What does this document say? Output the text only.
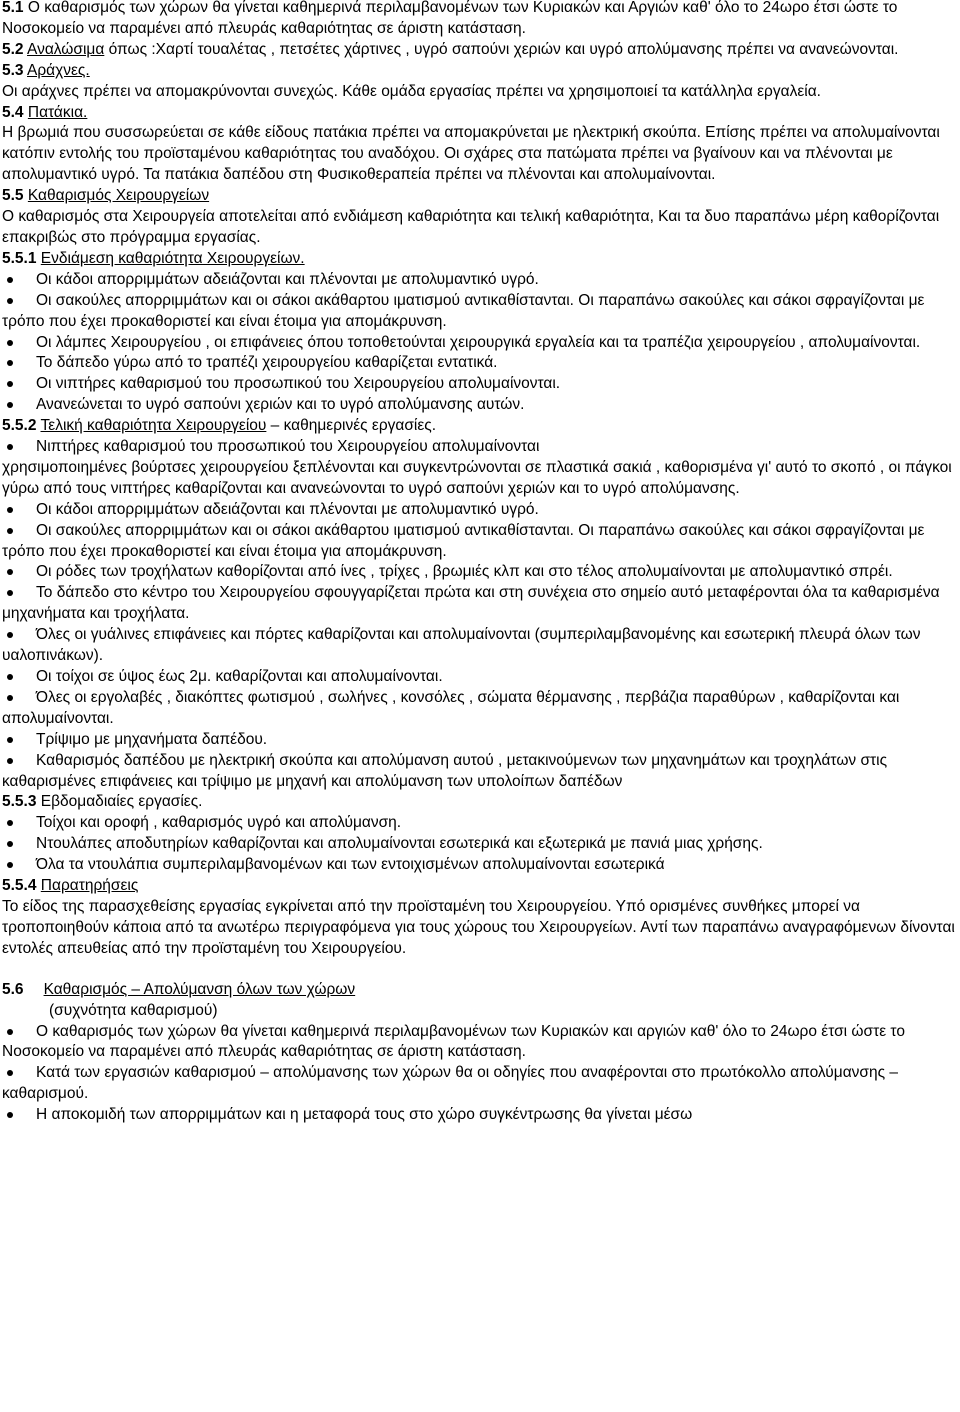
5.1 Ο καθαρισμός των χώρων θα γίνεται καθημερινά περιλαμβανομένων των Κυριακών και Αργιών καθ' όλο το 24ωρο έτσι ώστε το Νοσοκομείο να παραμένει από πλευράς καθαριότητας σε άριστη κατάσταση.
5.2 Αναλώσιμα όπως :Χαρτί τουαλέτας , πετσέτες χάρτινες , υγρό σαπούνι χεριών και υγρό απολύμανσης πρέπει να ανανεώνονται.
5.3 Αράχνες.
Οι αράχνες πρέπει να απομακρύνονται συνεχώς. Κάθε ομάδα εργασίας πρέπει να χρησιμοποιεί τα κατάλληλα εργαλεία.
5.4 Πατάκια.
Η βρωμιά που συσσωρεύεται σε κάθε είδους πατάκια πρέπει να απομακρύνεται με ηλεκτρική σκούπα. Επίσης πρέπει να απολυμαίνονται κατόπιν εντολής του προϊσταμένου καθαριότητας του αναδόχου. Οι σχάρες στα πατώματα πρέπει να βγαίνουν και να πλένονται με απολυμαντικό υγρό. Τα πατάκια δαπέδου στη Φυσικοθεραπεία πρέπει να πλένονται και απολυμαίνονται.
5.5 Καθαρισμός Χειρουργείων
Ο καθαρισμός στα Χειρουργεία αποτελείται από ενδιάμεση καθαριότητα και τελική καθαριότητα, Και τα δυο παραπάνω μέρη καθορίζονται επακριβώς στο πρόγραμμα εργασίας.
5.5.1 Ενδιάμεση καθαριότητα Χειρουργείων.
Οι κάδοι απορριμμάτων αδειάζονται και πλένονται με απολυμαντικό υγρό.
Οι σακούλες απορριμμάτων και οι σάκοι ακάθαρτου ιματισμού αντικαθίστανται. Οι παραπάνω σακούλες και σάκοι σφραγίζονται με τρόπο που έχει προκαθοριστεί και είναι έτοιμα για απομάκρυνση.
Οι λάμπες Χειρουργείου , οι επιφάνειες όπου τοποθετούνται χειρουργικά εργαλεία και τα τραπέζια χειρουργείου , απολυμαίνονται.
Το δάπεδο γύρω από το τραπέζι χειρουργείου καθαρίζεται εντατικά.
Οι νιπτήρες καθαρισμού του προσωπικού του Χειρουργείου απολυμαίνονται.
Ανανεώνεται το υγρό σαπούνι χεριών και το υγρό απολύμανσης αυτών.
5.5.2 Τελική καθαριότητα Χειρουργείου – καθημερινές εργασίες.
Νιπτήρες καθαρισμού του προσωπικού του Χειρουργείου απολυμαίνονται
χρησιμοποιημένες βούρτσες χειρουργείου ξεπλένονται και συγκεντρώνονται σε πλαστικά σακιά , καθορισμένα γι' αυτό το σκοπό , οι πάγκοι γύρω από τους νιπτήρες καθαρίζονται και ανανεώνονται το υγρό σαπούνι χεριών και το υγρό απολύμανσης.
Οι κάδοι απορριμμάτων αδειάζονται και πλένονται με απολυμαντικό υγρό.
Οι σακούλες απορριμμάτων και οι σάκοι ακάθαρτου ιματισμού αντικαθίστανται. Οι παραπάνω σακούλες και σάκοι σφραγίζονται με τρόπο που έχει προκαθοριστεί και είναι έτοιμα για απομάκρυνση.
Οι ρόδες των τροχήλατων καθορίζονται από ίνες , τρίχες , βρωμιές κλπ και στο τέλος απολυμαίνονται με απολυμαντικό σπρέι.
Το δάπεδο στο κέντρο του Χειρουργείου σφουγγαρίζεται πρώτα και στη συνέχεια στο σημείο αυτό μεταφέρονται όλα τα καθαρισμένα μηχανήματα και τροχήλατα.
Όλες οι γυάλινες επιφάνειες και πόρτες καθαρίζονται και απολυμαίνονται (συμπεριλαμβανομένης και εσωτερική πλευρά όλων των υαλοπινάκων).
Οι τοίχοι σε ύψος έως 2μ. καθαρίζονται και απολυμαίνονται.
Όλες οι εργολαβές , διακόπτες φωτισμού , σωλήνες , κονσόλες , σώματα θέρμανσης , περβάζια παραθύρων , καθαρίζονται και απολυμαίνονται.
Τρίψιμο με μηχανήματα δαπέδου.
Καθαρισμός δαπέδου με ηλεκτρική σκούπα και απολύμανση αυτού , μετακινούμενων των μηχανημάτων και τροχηλάτων στις καθαρισμένες επιφάνειες και τρίψιμο με μηχανή και απολύμανση των υπολοίπων δαπέδων
5.5.3 Εβδομαδιαίες εργασίες.
Τοίχοι και οροφή , καθαρισμός υγρό και απολύμανση.
Ντουλάπες αποδυτηρίων καθαρίζονται και απολυμαίνονται εσωτερικά και εξωτερικά με πανιά μιας χρήσης.
Όλα τα ντουλάπια συμπεριλαμβανομένων και των εντοιχισμένων απολυμαίνονται εσωτερικά
5.5.4 Παρατηρήσεις
Το είδος της παρασχεθείσης εργασίας εγκρίνεται από την προϊσταμένη του Χειρουργείου. Υπό ορισμένες συνθήκες μπορεί να τροποποιηθούν κάποια από τα ανωτέρω περιγραφόμενα για τους χώρους του Χειρουργείων. Αντί των παραπάνω αναγραφόμενων δίνονται εντολές απευθείας από την προϊσταμένη του Χειρουργείου.
5.6 Καθαρισμός – Απολύμανση όλων των χώρων
(συχνότητα καθαρισμού)
Ο καθαρισμός των χώρων θα γίνεται καθημερινά περιλαμβανομένων των Κυριακών και αργιών καθ' όλο το 24ωρο έτσι ώστε το Νοσοκομείο να παραμένει από πλευράς καθαριότητας σε άριστη κατάσταση.
Κατά των εργασιών καθαρισμού – απολύμανσης των χώρων θα οι οδηγίες που αναφέρονται στο πρωτόκολλο απολύμανσης – καθαρισμού.
Η αποκομιδή των απορριμμάτων και η μεταφορά τους στο χώρο συγκέντρωσης θα γίνεται μέσω
